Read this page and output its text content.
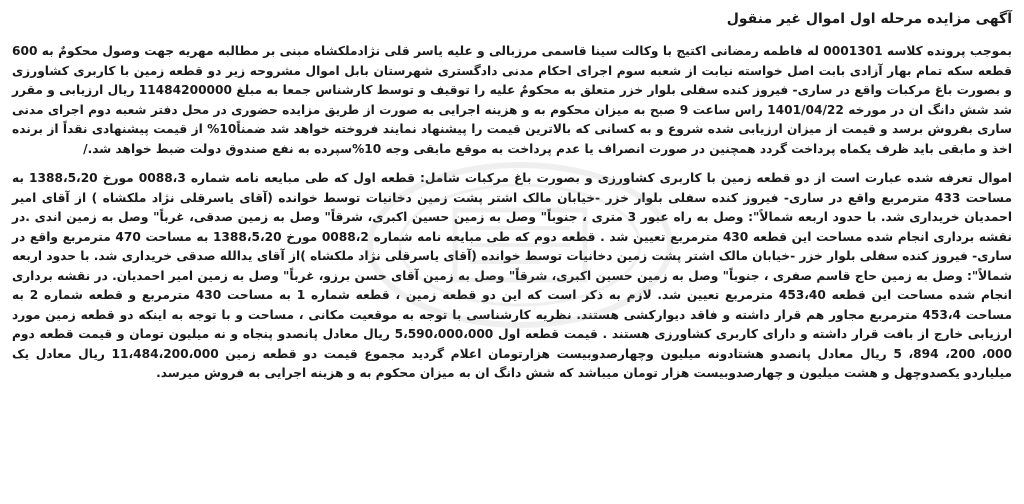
آگهی مزایده مرحله اول اموال غیر منقول

بموجب پرونده کلاسه 0001301 له فاطمه رمضانی اکتیج با وکالت سینا قاسمی مرزبالی و علیه یاسر قلی نژادملکشاه مبنی بر مطالبه مهریه جهت وصول محکومٌ به 600 قطعه سکه تمام بهار آزادی بابت اصل خواسته نیابت از شعبه سوم اجرای احکام مدنی دادگستری شهرستان بابل اموال مشروحه زیر دو قطعه زمین با کاربری کشاورزی و بصورت باغ مرکبات واقع در ساری- فیروز کنده سفلی بلوار خزر متعلق به محکومٌ علیه را توقیف و توسط کارشناس جمعا به مبلغ 11484200000 ریال ارزیابی و مقرر شد شش دانگ ان در مورخه 1401/04/22 راس ساعت 9 صبح به میزان محکوم به و هزینه اجرایی به صورت از طریق مزایده حضوری در محل دفتر شعبه دوم اجرای مدنی ساری بفروش برسد و قیمت از میزان ارزیابی شده شروع و به کسانی که بالاترین قیمت را پیشنهاد نمایند فروخته خواهد شد ضمناً10% از قیمت پیشنهادی نقداً از برنده اخذ و مابقی باید ظرف یکماه پرداخت گردد همچنین در صورت انصراف یا عدم پرداخت به موقع مابقی وجه 10%سپرده به نفع صندوق دولت ضبط خواهد شد./

اموال تعرفه شده عبارت است از دو قطعه زمین با کاربری کشاورزی و بصورت باغ مرکبات شامل: قطعه اول که طی مبایعه نامه شماره 0088،3 مورخ 1388،5،20 به مساحت 433 مترمربع واقع در ساری- فیروز کنده سفلی بلوار خزر -خیابان مالک اشتر پشت زمین دخانیات توسط خوانده (آقای یاسرقلی نژاد ملکشاه ) از آقای امیر احمدیان خریداری شد. با حدود اربعه شمالاً": وصل به راه عبور 3 متری ، جنوباً" وصل به زمین حسین اکبری، شرقاً" وصل به زمین صدقی، غرباً" وصل به زمین اندی .در نقشه برداری انجام شده مساحت این قطعه 430 مترمربع تعیین شد . قطعه دوم که طی مبایعه نامه شماره 0088،2 مورخ 1388،5،20 به مساحت 470 مترمربع واقع در ساری- فیروز کنده سفلی بلوار خزر -خیابان مالک اشتر پشت زمین دخانیات توسط خوانده (آقای یاسرقلی نژاد ملکشاه )از آقای یدالله صدقی خریداری شد. با حدود اربعه شمالاً": وصل به زمین حاج قاسم صفری ، جنوباً" وصل به زمین حسین اکبری، شرقاً" وصل به زمین آقای حسن برزو، غرباً" وصل به زمین امیر احمدیان. در نقشه برداری انجام شده مساحت این قطعه 453،40 مترمربع تعیین شد. لازم به ذکر است که این دو قطعه زمین ، قطعه شماره 1 به مساحت 430 مترمربع و قطعه شماره 2 به مساحت 453،4 مترمربع مجاور هم قرار داشته و فاقد دیوارکشی هستند. نظریه کارشناسی با توجه به موقعیت مکانی ، مساحت و با توجه به اینکه دو قطعه زمین مورد ارزیابی خارج از بافت قرار داشته و دارای کاربری کشاورزی هستند . قیمت قطعه اول 5،590،000،000 ریال معادل پانصدو پنجاه و نه میلیون تومان و قیمت قطعه دوم 000، 200، 894، 5 ریال معادل پانصدو هشتادونه میلیون وچهارصدوبیست هزارتومان اعلام گردید مجموع قیمت دو قطعه زمین 11،484،200،000 ریال معادل یک میلیاردو یکصدوچهل و هشت میلیون و چهارصدوبیست هزار تومان میباشد که شش دانگ ان به میزان محکوم به و هزینه اجرایی به فروش میرسد.
